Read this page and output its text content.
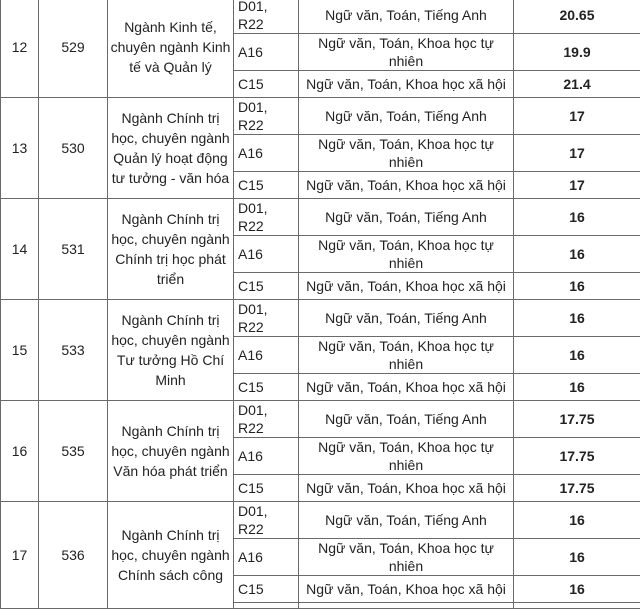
12	529	Ngành Kinh tế, chuyên ngành Kinh tế và Quản lý	D01, R22	Ngữ văn, Toán, Tiếng Anh	20.65
			A16	Ngữ văn, Toán, Khoa học tự nhiên	19.9
			C15	Ngữ văn, Toán, Khoa học xã hội	21.4
13	530	Ngành Chính trị học, chuyên ngành Quản lý hoạt động tư tưởng - văn hóa	D01, R22	Ngữ văn, Toán, Tiếng Anh	17
			A16	Ngữ văn, Toán, Khoa học tự nhiên	17
			C15	Ngữ văn, Toán, Khoa học xã hội	17
14	531	Ngành Chính trị học, chuyên ngành Chính trị học phát triển	D01, R22	Ngữ văn, Toán, Tiếng Anh	16
			A16	Ngữ văn, Toán, Khoa học tự nhiên	16
			C15	Ngữ văn, Toán, Khoa học xã hội	16
15	533	Ngành Chính trị học, chuyên ngành Tư tưởng Hồ Chí Minh	D01, R22	Ngữ văn, Toán, Tiếng Anh	16
			A16	Ngữ văn, Toán, Khoa học tự nhiên	16
			C15	Ngữ văn, Toán, Khoa học xã hội	16
16	535	Ngành Chính trị học, chuyên ngành Văn hóa phát triển	D01, R22	Ngữ văn, Toán, Tiếng Anh	17.75
			A16	Ngữ văn, Toán, Khoa học tự nhiên	17.75
			C15	Ngữ văn, Toán, Khoa học xã hội	17.75
17	536	Ngành Chính trị học, chuyên ngành Chính sách công	D01, R22	Ngữ văn, Toán, Tiếng Anh	16
			A16	Ngữ văn, Toán, Khoa học tự nhiên	16
			C15	Ngữ văn, Toán, Khoa học xã hội	16
